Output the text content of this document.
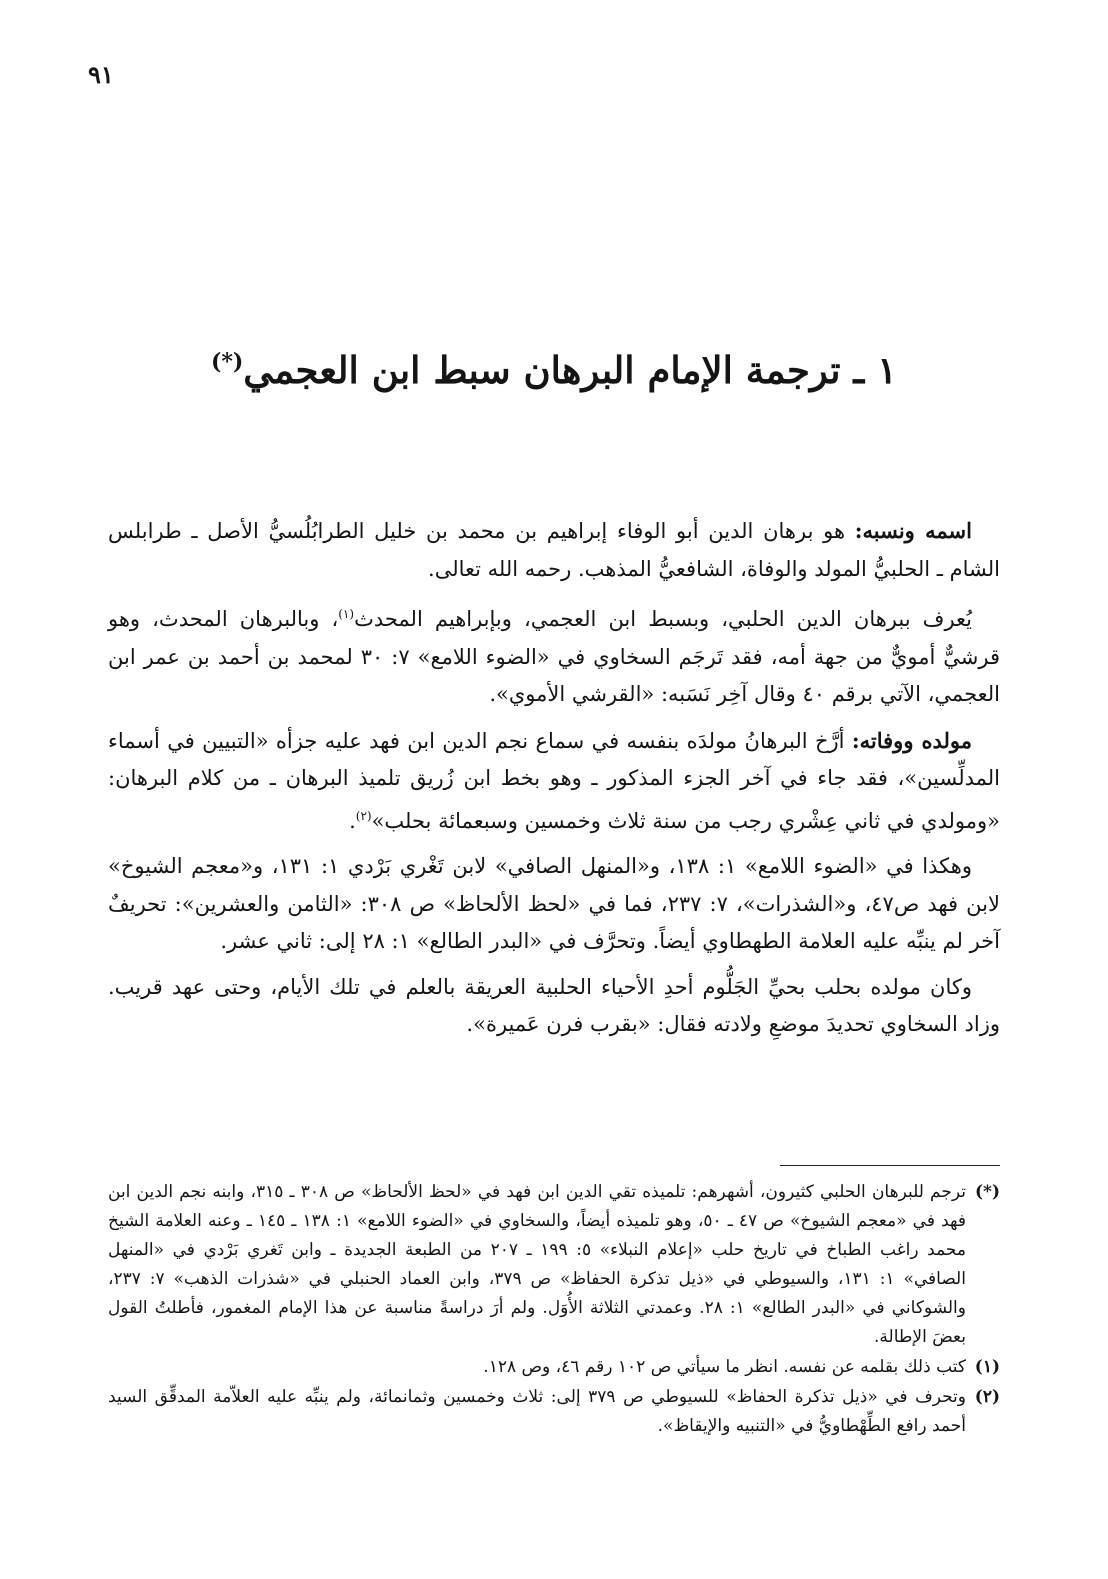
٩١
١ ـ ترجمة الإمام البرهان سبط ابن العجمي(*)

اسمه ونسبه: هو برهان الدين أبو الوفاء إبراهيم بن محمد بن خليل الطرابُلُسيُّ الأصل ـ طرابلس الشام ـ الحلبيُّ المولد والوفاة، الشافعيُّ المذهب. رحمه الله تعالى.

يُعرف ببرهان الدين الحلبي، وبسبط ابن العجمي، وبإبراهيم المحدث$^{(١)}$، وبالبرهان المحدث، وهو قرشيٌّ أمويٌّ من جهة أمه، فقد تَرجَم السخاوي في «الضوء اللامع» ٧: ٣٠ لمحمد بن أحمد بن عمر ابن العجمي، الآتي برقم ٤٠ وقال آخِر نَسَبه: «القرشي الأموي».

مولده ووفاته: أرَّخ البرهانُ مولدَه بنفسه في سماع نجم الدين ابن فهد عليه جزأه «التبيين في أسماء المدلِّسين»، فقد جاء في آخر الجزء المذكور ـ وهو بخط ابن زُريق تلميذ البرهان ـ من كلام البرهان: «ومولدي في ثاني عِشْري رجب من سنة ثلاث وخمسين وسبعمائة بحلب»$^{(٢)}$.

وهكذا في «الضوء اللامع» ١: ١٣٨، و«المنهل الصافي» لابن تَغْري بَرْدي ١: ١٣١، و«معجم الشيوخ» لابن فهد ص٤٧، و«الشذرات»، ٧: ٢٣٧، فما في «لحظ الألحاظ» ص ٣٠٨: «الثامن والعشرين»: تحريفٌ آخر لم ينبِّه عليه العلامة الطهطاوي أيضاً. وتحرَّف في «البدر الطالع» ١: ٢٨ إلى: ثاني عشر.

وكان مولده بحلب بحيِّ الجَلُّوم أحدِ الأحياء الحلبية العريقة بالعلم في تلك الأيام، وحتى عهد قريب. وزاد السخاوي تحديدَ موضعِ ولادته فقال: «بقرب فرن عَميرة».

(*)
ترجم للبرهان الحلبي كثيرون، أشهرهم: تلميذه تقي الدين ابن فهد في «لحظ الألحاظ» ص ٣٠٨ ـ ٣١٥، وابنه نجم الدين ابن فهد في «معجم الشيوخ» ص ٤٧ ـ ٥٠، وهو تلميذه أيضاً، والسخاوي في «الضوء اللامع» ١: ١٣٨ ـ ١٤٥ ـ وعنه العلامة الشيخ محمد راغب الطباخ في تاريخ حلب «إعلام النبلاء» ٥: ١٩٩ ـ ٢٠٧ من الطبعة الجديدة ـ وابن تَغري بَرْدي في «المنهل الصافي» ١: ١٣١، والسيوطي في «ذيل تذكرة الحفاظ» ص ٣٧٩، وابن العماد الحنبلي في «شذرات الذهب» ٧: ٢٣٧، والشوكاني في «البدر الطالع» ١: ٢٨. وعمدتي الثلاثة الأُوَل. ولم أرَ دراسةً مناسبة عن هذا الإمام المغمور، فأطلتُ القول بعضَ الإطالة.
(١)
كتب ذلك بقلمه عن نفسه. انظر ما سيأتي ص ١٠٢ رقم ٤٦، وص ١٢٨.
(٢)
وتحرف في «ذيل تذكرة الحفاظ» للسيوطي ص ٣٧٩ إلى: ثلاث وخمسين وثمانمائة، ولم ينبِّه عليه العلاّمة المدقِّق السيد أحمد رافع الطِّهْطاويُّ في «التنبيه والإيقاظ».
